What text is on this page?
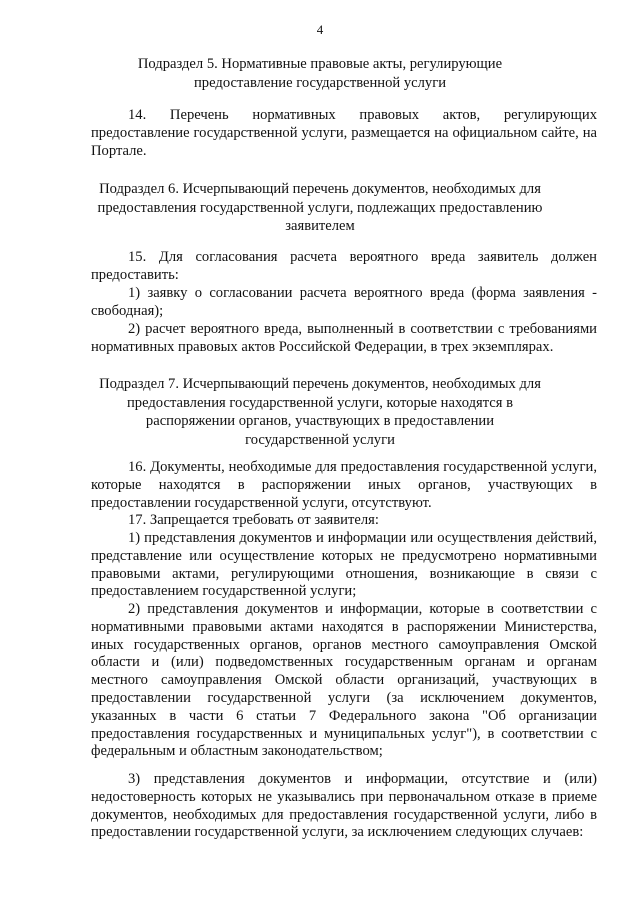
4
Подраздел 5. Нормативные правовые акты, регулирующие предоставление государственной услуги
14. Перечень нормативных правовых актов, регулирующих предоставление государственной услуги, размещается на официальном сайте, на Портале.
Подраздел 6. Исчерпывающий перечень документов, необходимых для предоставления государственной услуги, подлежащих предоставлению заявителем
15. Для согласования расчета вероятного вреда заявитель должен предоставить:
1) заявку о согласовании расчета вероятного вреда (форма заявления - свободная);
2) расчет вероятного вреда, выполненный в соответствии с требованиями нормативных правовых актов Российской Федерации, в трех экземплярах.
Подраздел 7. Исчерпывающий перечень документов, необходимых для предоставления государственной услуги, которые находятся в распоряжении органов, участвующих в предоставлении государственной услуги
16. Документы, необходимые для предоставления государственной услуги, которые находятся в распоряжении иных органов, участвующих в предоставлении государственной услуги, отсутствуют.
17. Запрещается требовать от заявителя:
1) представления документов и информации или осуществления действий, представление или осуществление которых не предусмотрено нормативными правовыми актами, регулирующими отношения, возникающие в связи с предоставлением государственной услуги;
2) представления документов и информации, которые в соответствии с нормативными правовыми актами находятся в распоряжении Министерства, иных государственных органов, органов местного самоуправления Омской области и (или) подведомственных государственным органам и органам местного самоуправления Омской области организаций, участвующих в предоставлении государственной услуги (за исключением документов, указанных в части 6 статьи 7 Федерального закона "Об организации предоставления государственных и муниципальных услуг"), в соответствии с федеральным и областным законодательством;
3) представления документов и информации, отсутствие и (или) недостоверность которых не указывались при первоначальном отказе в приеме документов, необходимых для предоставления государственной услуги, либо в предоставлении государственной услуги, за исключением следующих случаев:
